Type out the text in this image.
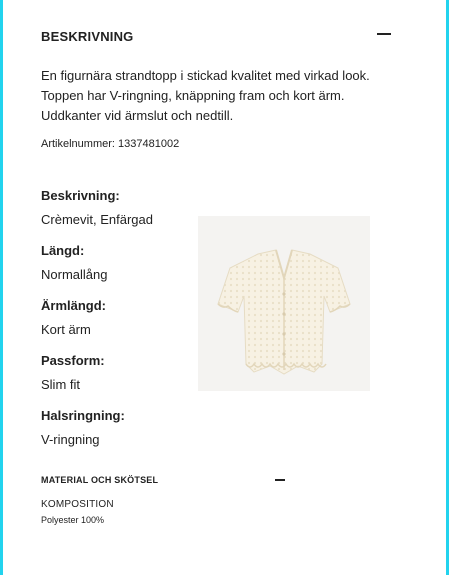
BESKRIVNING
En figurnära strandtopp i stickad kvalitet med virkad look.
Toppen har V-ringning, knäppning fram och kort ärm.
Uddkanter vid ärmslut och nedtill.
Artikelnummer: 1337481002
Beskrivning:
Crèmevit, Enfärgad
Längd:
Normallång
Ärmlängd:
Kort ärm
Passform:
Slim fit
Halsringning:
V-ringning
MATERIAL OCH SKÖTSEL
KOMPOSITION
Polyester 100%
